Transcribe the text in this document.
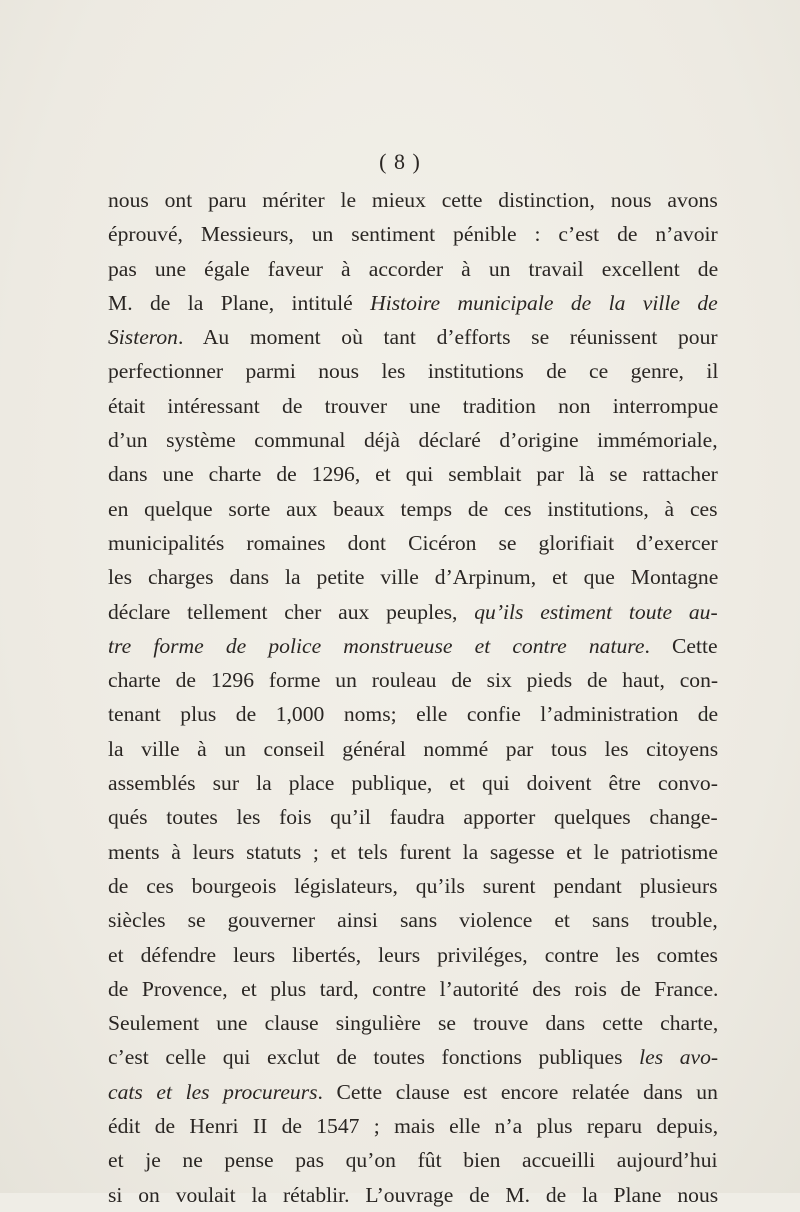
( 8 )
nous ont paru mériter le mieux cette distinction, nous avons
éprouvé, Messieurs, un sentiment pénible : c’est de n’avoir
pas une égale faveur à accorder à un travail excellent de
M. de la Plane, intitulé Histoire municipale de la ville de
Sisteron. Au moment où tant d’efforts se réunissent pour
perfectionner parmi nous les institutions de ce genre, il
était intéressant de trouver une tradition non interrompue
d’un système communal déjà déclaré d’origine immémoriale,
dans une charte de 1296, et qui semblait par là se rattacher
en quelque sorte aux beaux temps de ces institutions, à ces
municipalités romaines dont Cicéron se glorifiait d’exercer
les charges dans la petite ville d’Arpinum, et que Montagne
déclare tellement cher aux peuples, qu’ils estiment toute au-
tre forme de police monstrueuse et contre nature. Cette
charte de 1296 forme un rouleau de six pieds de haut, con-
tenant plus de 1,000 noms; elle confie l’administration de
la ville à un conseil général nommé par tous les citoyens
assemblés sur la place publique, et qui doivent être convo-
qués toutes les fois qu’il faudra apporter quelques change-
ments à leurs statuts ; et tels furent la sagesse et le patriotisme
de ces bourgeois législateurs, qu’ils surent pendant plusieurs
siècles se gouverner ainsi sans violence et sans trouble,
et défendre leurs libertés, leurs priviléges, contre les comtes
de Provence, et plus tard, contre l’autorité des rois de France.
Seulement une clause singulière se trouve dans cette charte,
c’est celle qui exclut de toutes fonctions publiques les avo-
cats et les procureurs. Cette clause est encore relatée dans un
édit de Henri II de 1547 ; mais elle n’a plus reparu depuis,
et je ne pense pas qu’on fût bien accueilli aujourd’hui
si on voulait la rétablir. L’ouvrage de M. de la Plane nous
